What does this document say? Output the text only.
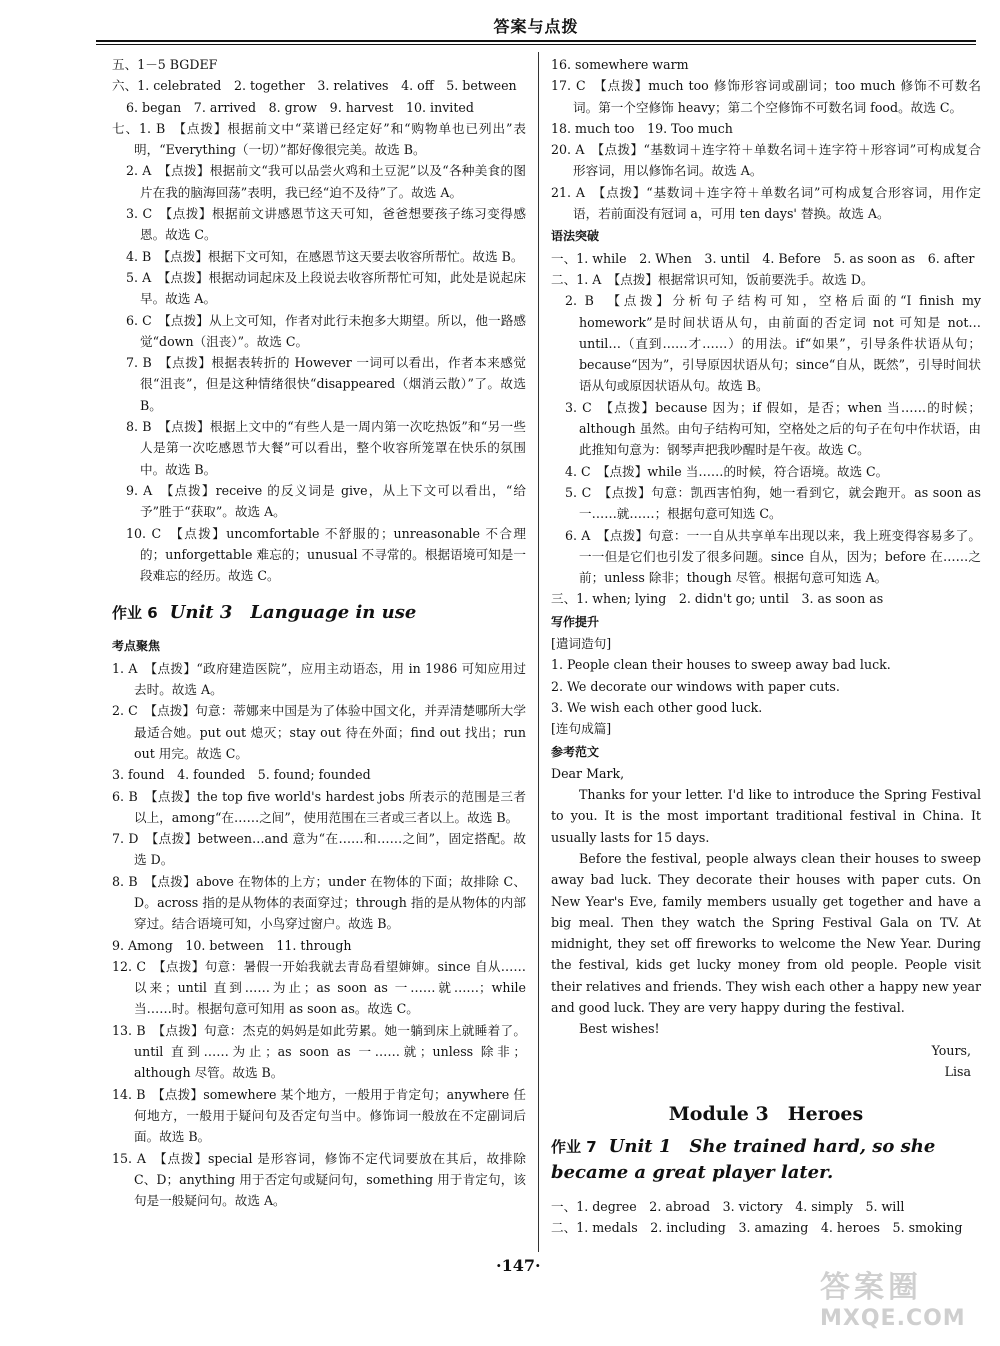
答案与点拨

五、1－5 BGDEF

六、1. celebrated　2. together　3. relatives　4. off　5. between

6. began　7. arrived　8. grow　9. harvest　10. invited

七、1. B　【点拨】根据前文中“菜谱已经定好”和“购物单也已列出”表明，“Everything（一切）”都好像很完美。故选 B。

2. A　【点拨】根据前文“我可以品尝火鸡和土豆泥”以及“各种美食的图片在我的脑海回荡”表明，我已经“迫不及待”了。故选 A。

3. C　【点拨】根据前文讲感恩节这天可知，爸爸想要孩子练习变得感恩。故选 C。

4. B　【点拨】根据下文可知，在感恩节这天要去收容所帮忙。故选 B。

5. A　【点拨】根据动词起床及上段说去收容所帮忙可知，此处是说起床早。故选 A。

6. C　【点拨】从上文可知，作者对此行未抱多大期望。所以，他一路感觉“down（沮丧）”。故选 C。

7. B　【点拨】根据表转折的 However 一词可以看出，作者本来感觉很“沮丧”，但是这种情绪很快“disappeared（烟消云散）”了。故选 B。

8. B　【点拨】根据上文中的“有些人是一周内第一次吃热饭”和“另一些人是第一次吃感恩节大餐”可以看出，整个收容所笼罩在快乐的氛围中。故选 B。

9. A　【点拨】receive 的反义词是 give，从上下文可以看出，“给予”胜于“获取”。故选 A。

10. C　【点拨】uncomfortable 不舒服的；unreasonable 不合理的；unforgettable 难忘的；unusual 不寻常的。根据语境可知是一段难忘的经历。故选 C。

作业 6 Unit 3　Language in use

考点聚焦

1. A　【点拨】“政府建造医院”，应用主动语态，用 in 1986 可知应用过去时。故选 A。

2. C　【点拨】句意：蒂娜来中国是为了体验中国文化，并弄清楚哪所大学最适合她。put out 熄灭；stay out 待在外面；find out 找出；run out 用完。故选 C。

3. found　4. founded　5. found; founded

6. B　【点拨】the top five world's hardest jobs 所表示的范围是三者以上，among“在……之间”，使用范围在三者或三者以上。故选 B。

7. D　【点拨】between…and 意为“在……和……之间”，固定搭配。故选 D。

8. B　【点拨】above 在物体的上方；under 在物体的下面；故排除 C、D。across 指的是从物体的表面穿过；through 指的是从物体的内部穿过。结合语境可知，小鸟穿过窗户。故选 B。

9. Among　10. between　11. through

12. C　【点拨】句意：暑假一开始我就去青岛看望婶婶。since 自从……以来；until 直到……为止；as soon as 一……就……；while 当……时。根据句意可知用 as soon as。故选 C。

13. B　【点拨】句意：杰克的妈妈是如此劳累。她一躺到床上就睡着了。until 直到……为止；as soon as 一……就；unless 除非；although 尽管。故选 B。

14. B　【点拨】somewhere 某个地方，一般用于肯定句；anywhere 任何地方，一般用于疑问句及否定句当中。修饰词一般放在不定副词后面。故选 B。

15. A　【点拨】special 是形容词，修饰不定代词要放在其后，故排除 C、D；anything 用于否定句或疑问句，something 用于肯定句，该句是一般疑问句。故选 A。

16. somewhere warm

17. C　【点拨】much too 修饰形容词或副词；too much 修饰不可数名词。第一个空修饰 heavy；第二个空修饰不可数名词 food。故选 C。

18. much too　19. Too much

20. A　【点拨】“基数词＋连字符＋单数名词＋连字符＋形容词”可构成复合形容词，用以修饰名词。故选 A。

21. A　【点拨】“基数词＋连字符＋单数名词”可构成复合形容词，用作定语，若前面没有冠词 a，可用 ten days' 替换。故选 A。

语法突破

一、1. while　2. When　3. until　4. Before　5. as soon as　6. after

二、1. A　【点拨】根据常识可知，饭前要洗手。故选 D。

2. B　【点拨】分析句子结构可知，空格后面的“I finish my homework”是时间状语从句，由前面的否定词 not 可知是 not…until…（直到……才……）的用法。if“如果”，引导条件状语从句；because“因为”，引导原因状语从句；since“自从，既然”，引导时间状语从句或原因状语从句。故选 B。

3. C　【点拨】because 因为；if 假如，是否；when 当……的时候；although 虽然。由句子结构可知，空格处之后的句子在句中作状语，由此推知句意为：钢琴声把我吵醒时是午夜。故选 C。

4. C　【点拨】while 当……的时候，符合语境。故选 C。

5. C　【点拨】句意：凯西害怕狗，她一看到它，就会跑开。as soon as 一……就……；根据句意可知选 C。

6. A　【点拨】句意：一一自从共享单车出现以来，我上班变得容易多了。一一但是它们也引发了很多问题。since 自从，因为；before 在……之前；unless 除非；though 尽管。根据句意可知选 A。

三、1. when; lying　2. didn't go; until　3. as soon as

写作提升

[遣词造句]

1. People clean their houses to sweep away bad luck.

2. We decorate our windows with paper cuts.

3. We wish each other good luck.

[连句成篇]

参考范文

Dear Mark,

Thanks for your letter. I'd like to introduce the Spring Festival to you. It is the most important traditional festival in China. It usually lasts for 15 days.

Before the festival, people always clean their houses to sweep away bad luck. They decorate their houses with paper cuts. On New Year's Eve, family members usually get together and have a big meal. Then they watch the Spring Festival Gala on TV. At midnight, they set off fireworks to welcome the New Year. During the festival, kids get lucky money from old people. People visit their relatives and friends. They wish each other a happy new year and good luck. They are very happy during the festival.

Best wishes!

Yours,

Lisa

Module 3　Heroes
作业 7 Unit 1　She trained hard, so she became a great player later.

一、1. degree　2. abroad　3. victory　4. simply　5. will

二、1. medals　2. including　3. amazing　4. heroes　5. smoking

·147·
答案圈
MXQE.COM
